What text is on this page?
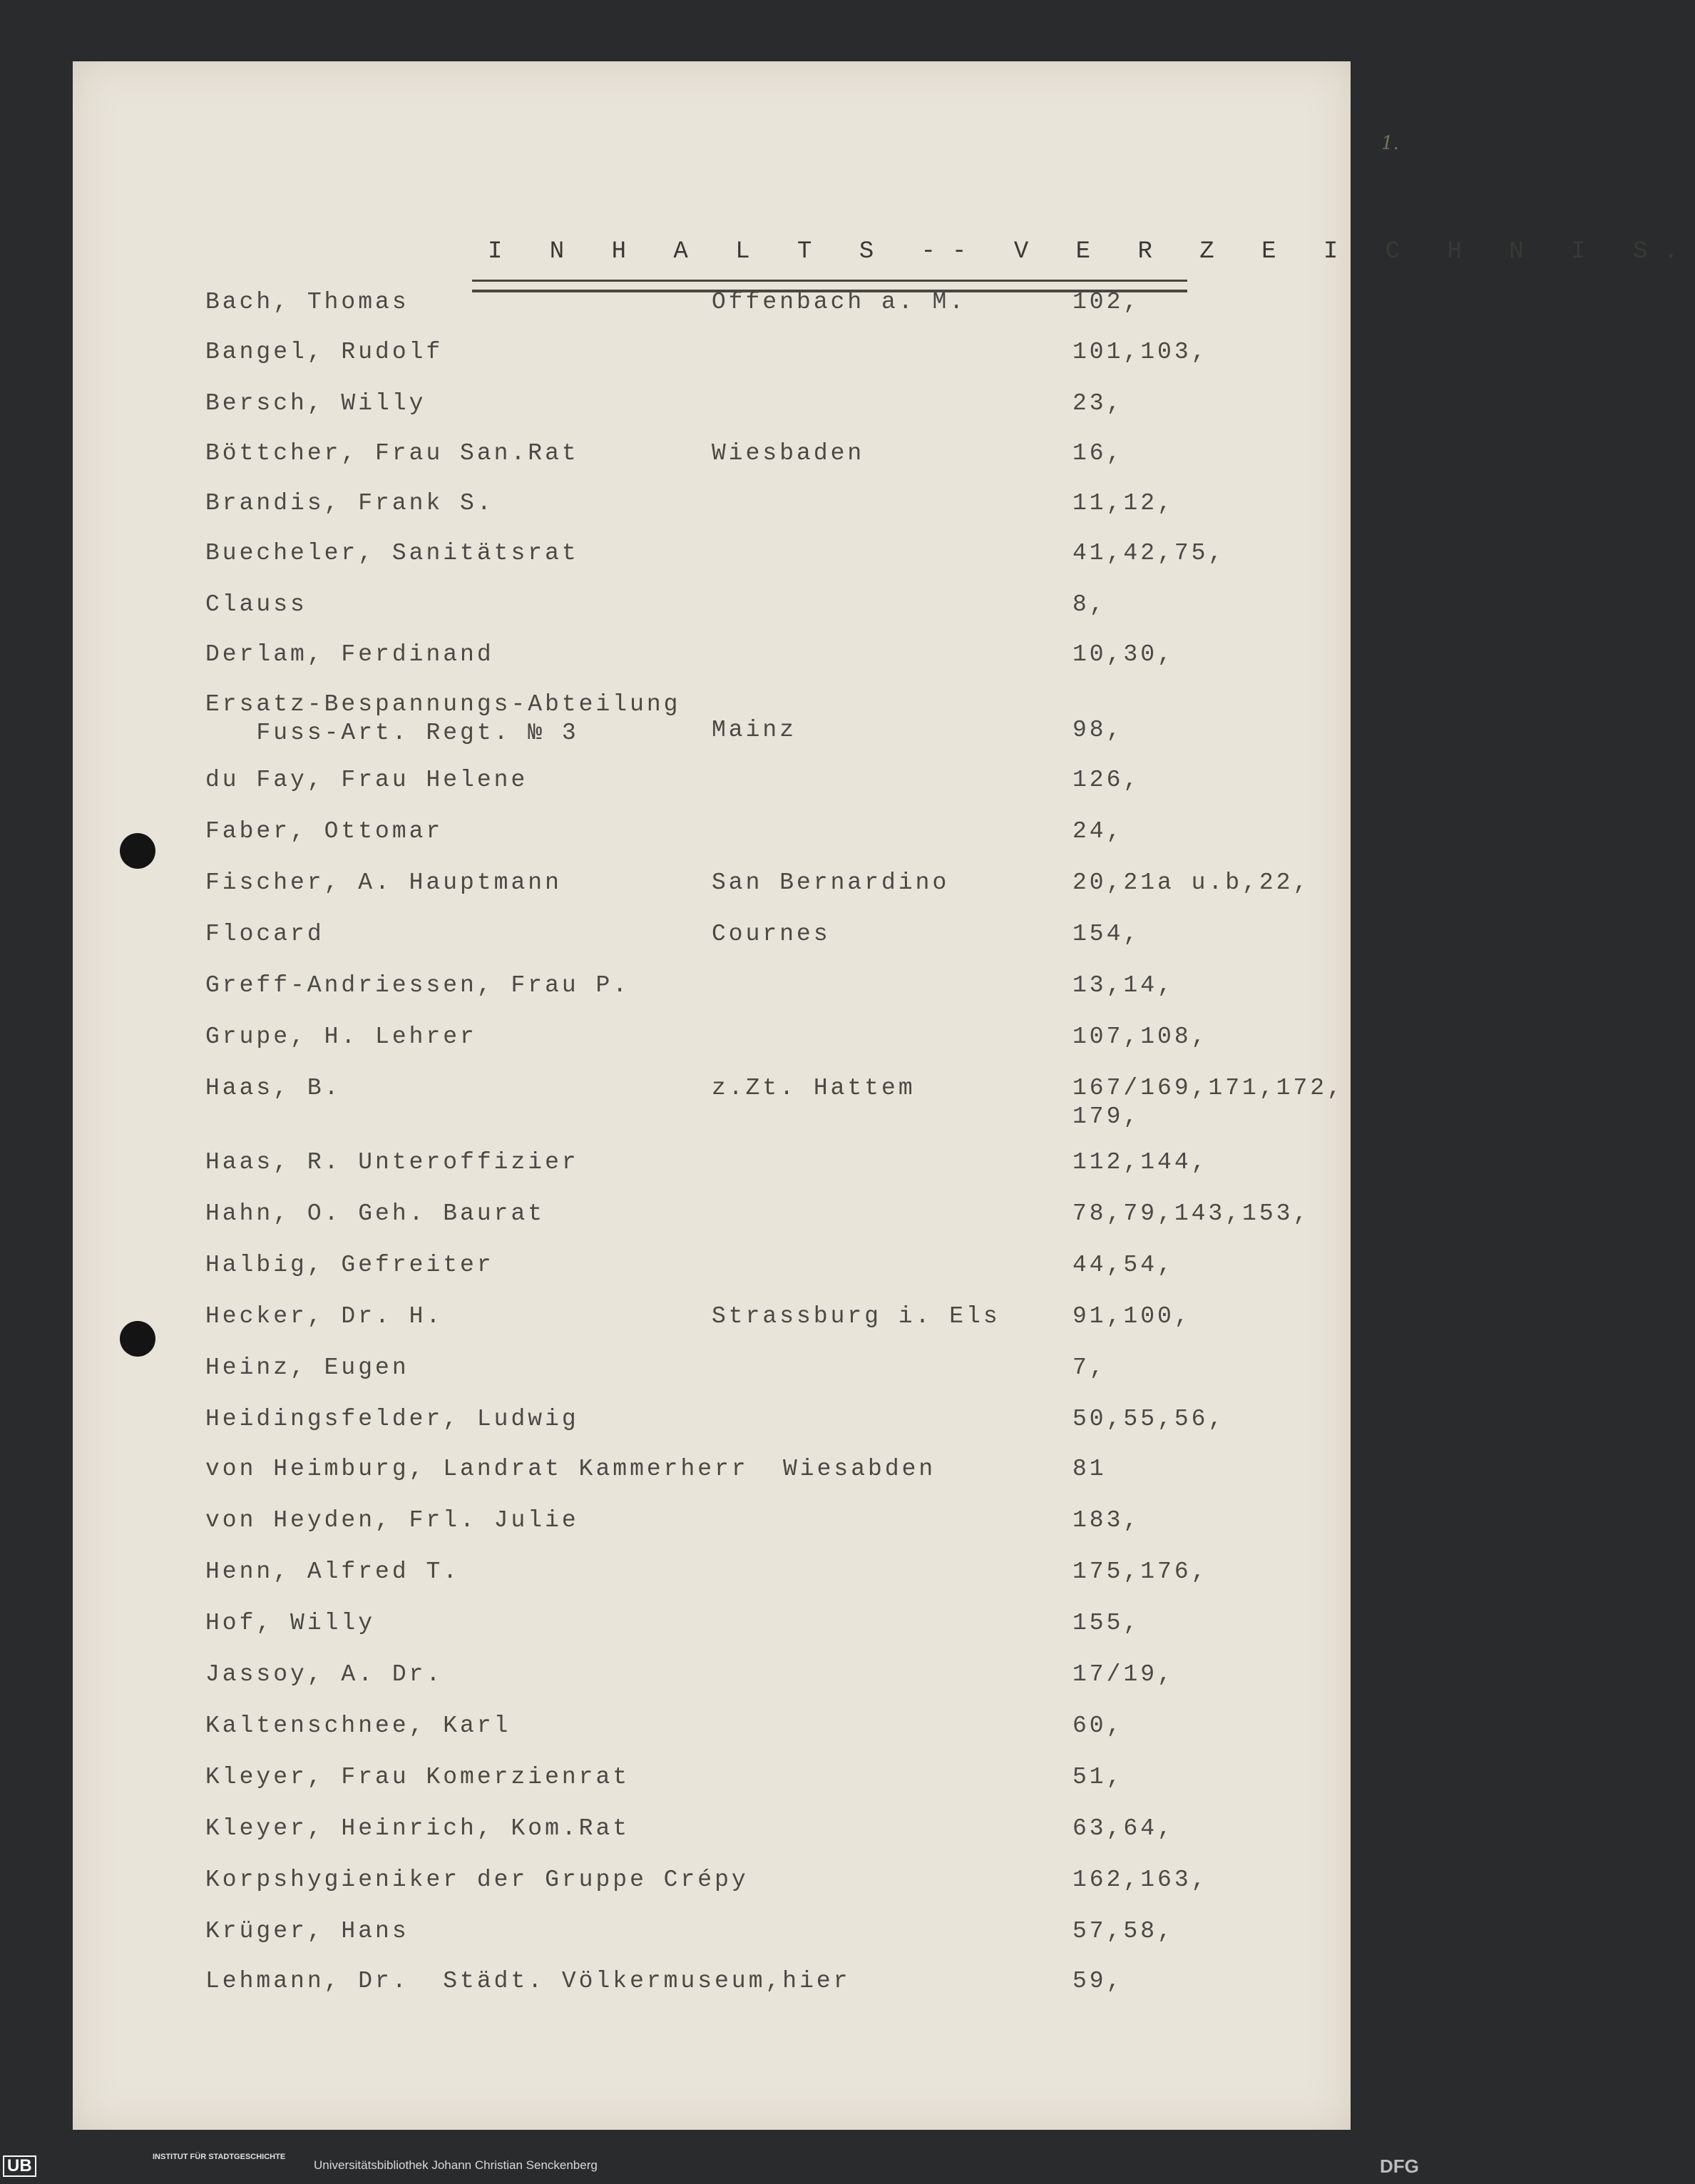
1.
I N H A L T S -- V E R Z E I C H N I S.
Bach, Thomas	Offenbach a. M.	102,
Bangel, Rudolf	101,103,
Bersch, Willy	23,
Böttcher, Frau San.Rat	Wiesbaden	16,
Brandis, Frank S.	11,12,
Buecheler, Sanitätsrat	41,42,75,
Clauss	8,
Derlam, Ferdinand	10,30,
Ersatz-Bespannungs-Abteilung
Fuss-Art. Regt. № 3	Mainz	98,
du Fay, Frau Helene	126,
Faber, Ottomar	24,
Fischer, A. Hauptmann	San Bernardino	20,21a u.b,22,
Flocard	Cournes	154,
Greff-Andriessen, Frau P.	13,14,
Grupe, H. Lehrer	107,108,
Haas, B.	z.Zt. Hattem	167/169,171,172,
179,
Haas, R. Unteroffizier	112,144,
Hahn, O. Geh. Baurat	78,79,143,153,
Halbig, Gefreiter	44,54,
Hecker, Dr. H.	Strassburg i. Els	91,100,
Heinz, Eugen	7,
Heidingsfelder, Ludwig	50,55,56,
von Heimburg, Landrat Kammerherr Wiesabden	81
von Heyden, Frl. Julie	183,
Henn, Alfred T.	175,176,
Hof, Willy	155,
Jassoy, A. Dr.	17/19,
Kaltenschnee, Karl	60,
Kleyer, Frau Komerzienrat	51,
Kleyer, Heinrich, Kom.Rat	63,64,
Korpshygieniker der Gruppe Crépy	162,163,
Krüger, Hans	57,58,
Lehmann, Dr.  Städt. Völkermuseum,hier	59,
UB	INSTITUT FÜR STADTGESCHICHTE
Universitätsbibliothek Johann Christian Senckenberg	DFG
